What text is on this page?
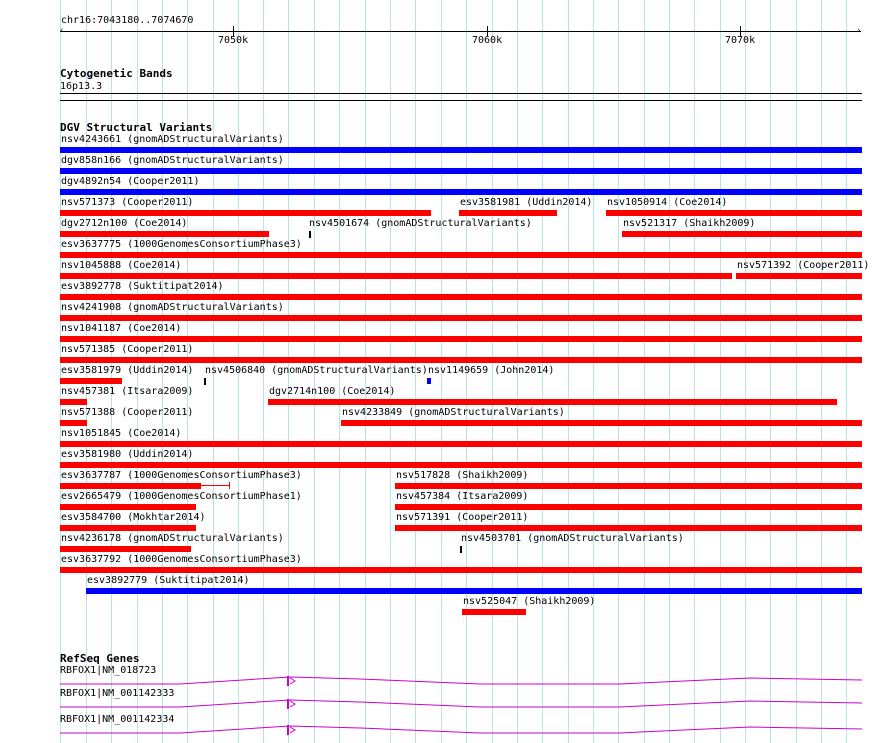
chr16:7043180..7074670
‹	›
7050k	7060k	7070k
Cytogenetic Bands
16p13.3
DGV Structural Variants
nsv4243661 (gnomADStructuralVariants)
dgv858n166 (gnomADStructuralVariants)
dgv4892n54 (Cooper2011)
nsv571373 (Cooper2011)	esv3581981 (Uddin2014) nsv1050914 (Coe2014)
dgv2712n100 (Coe2014)	nsv4501674 (gnomADStructuralVariants)	nsv521317 (Shaikh2009)
esv3637775 (1000GenomesConsortiumPhase3)
nsv1045888 (Coe2014)	nsv571392 (Cooper2011)
esv3892778 (Suktitipat2014)
nsv4241908 (gnomADStructuralVariants)
nsv1041187 (Coe2014)
nsv571385 (Cooper2011)
esv3581979 (Uddin2014) nsv4506840 (gnomADStructuralVariants) nsv1149659 (John2014)
nsv457381 (Itsara2009)	dgv2714n100 (Coe2014)
nsv571388 (Cooper2011)	nsv4233849 (gnomADStructuralVariants)
nsv1051845 (Coe2014)
esv3581980 (Uddin2014)
esv3637787 (1000GenomesConsortiumPhase3)	nsv517828 (Shaikh2009)
esv2665479 (1000GenomesConsortiumPhase1)	nsv457384 (Itsara2009)
esv3584700 (Mokhtar2014)	nsv571391 (Cooper2011)
nsv4236178 (gnomADStructuralVariants)	nsv4503701 (gnomADStructuralVariants)
esv3637792 (1000GenomesConsortiumPhase3)
esv3892779 (Suktitipat2014)
nsv525047 (Shaikh2009)
RefSeq Genes
RBFOX1|NM_018723
RBFOX1|NM_001142333
RBFOX1|NM_001142334
